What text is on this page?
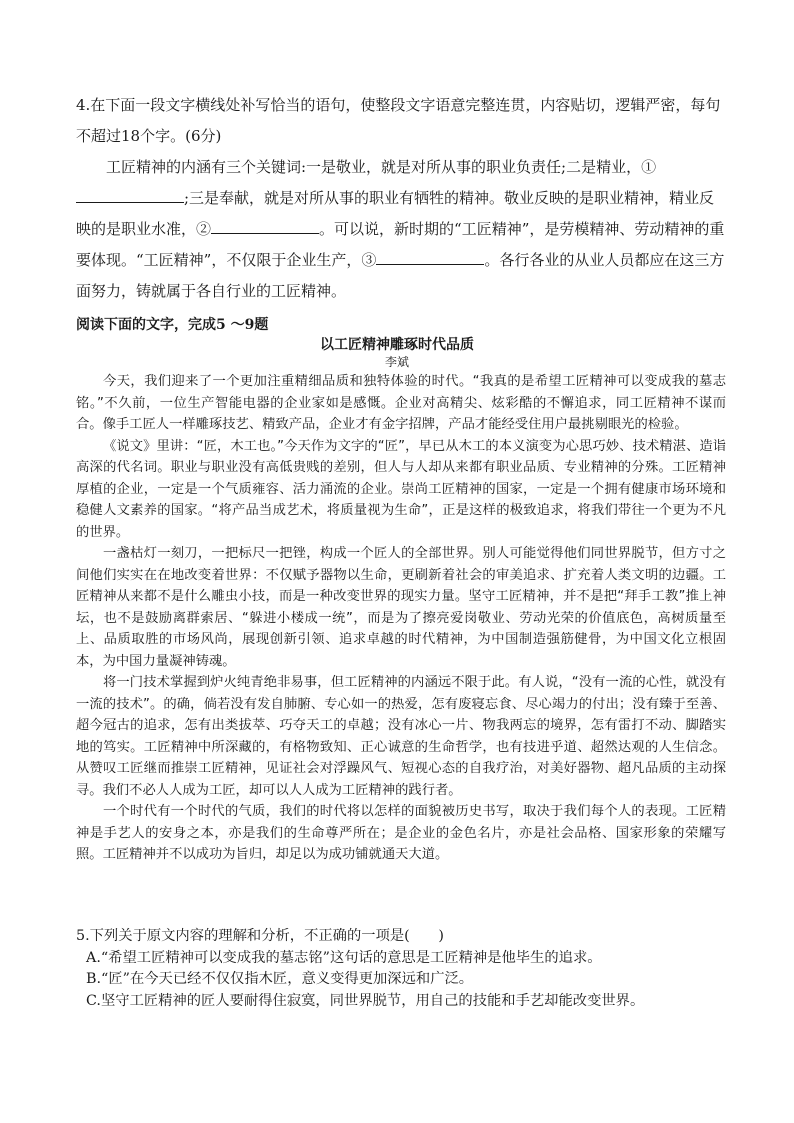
4.在下面一段文字横线处补写恰当的语句，使整段文字语意完整连贯，内容贴切，逻辑严密，每句不超过18个字。(6分)

工匠精神的内涵有三个关键词:一是敬业，就是对所从事的职业负责任;二是精业，①;三是奉献，就是对所从事的职业有牺牲的精神。敬业反映的是职业精神，精业反映的是职业水准，②	。可以说，新时期的“工匠精神”，是劳模精神、劳动精神的重要体现。“工匠精神”，不仅限于企业生产，③	。各行各业的从业人员都应在这三方面努力，铸就属于各自行业的工匠精神。

阅读下面的文字，完成5 ～9题
以工匠精神雕琢时代品质
李斌

今天，我们迎来了一个更加注重精细品质和独特体验的时代。“我真的是希望工匠精神可以变成我的墓志铭。”不久前，一位生产智能电器的企业家如是感慨。企业对高精尖、炫彩酷的不懈追求，同工匠精神不谋而合。像手工匠人一样雕琢技艺、精致产品，企业才有金字招牌，产品才能经受住用户最挑剔眼光的检验。

《说文》里讲：“匠，木工也。”今天作为文字的“匠”，早已从木工的本义演变为心思巧妙、技术精湛、造诣高深的代名词。职业与职业没有高低贵贱的差别，但人与人却从来都有职业品质、专业精神的分殊。工匠精神厚植的企业，一定是一个气质雍容、活力涌流的企业。崇尚工匠精神的国家，一定是一个拥有健康市场环境和稳健人文素养的国家。“将产品当成艺术，将质量视为生命”，正是这样的极致追求，将我们带往一个更为不凡的世界。

一盏枯灯一刻刀，一把标尺一把锉，构成一个匠人的全部世界。别人可能觉得他们同世界脱节，但方寸之间他们实实在在地改变着世界：不仅赋予器物以生命，更刷新着社会的审美追求、扩充着人类文明的边疆。工匠精神从来都不是什么雕虫小技，而是一种改变世界的现实力量。坚守工匠精神，并不是把“拜手工教”推上神坛，也不是鼓励离群索居、“躲进小楼成一统”，而是为了擦亮爱岗敬业、劳动光荣的价值底色，高树质量至上、品质取胜的市场风尚，展现创新引领、追求卓越的时代精神，为中国制造强筋健骨，为中国文化立根固本，为中国力量凝神铸魂。

将一门技术掌握到炉火纯青绝非易事，但工匠精神的内涵远不限于此。有人说，“没有一流的心性，就没有一流的技术”。的确，倘若没有发自肺腑、专心如一的热爱，怎有废寝忘食、尽心竭力的付出；没有臻于至善、超今冠古的追求，怎有出类拔萃、巧夺天工的卓越；没有冰心一片、物我两忘的境界，怎有雷打不动、脚踏实地的笃实。工匠精神中所深藏的，有格物致知、正心诚意的生命哲学，也有技进乎道、超然达观的人生信念。从赞叹工匠继而推崇工匠精神，见证社会对浮躁风气、短视心态的自我疗治，对美好器物、超凡品质的主动探寻。我们不必人人成为工匠，却可以人人成为工匠精神的践行者。

一个时代有一个时代的气质，我们的时代将以怎样的面貌被历史书写，取决于我们每个人的表现。工匠精神是手艺人的安身之本，亦是我们的生命尊严所在；是企业的金色名片，亦是社会品格、国家形象的荣耀写照。工匠精神并不以成功为旨归，却足以为成功铺就通天大道。

5.下列关于原文内容的理解和分析，不正确的一项是(　　)

A.“希望工匠精神可以变成我的墓志铭”这句话的意思是工匠精神是他毕生的追求。

B.“匠”在今天已经不仅仅指木匠，意义变得更加深远和广泛。

C.坚守工匠精神的匠人要耐得住寂寞，同世界脱节，用自己的技能和手艺却能改变世界。
